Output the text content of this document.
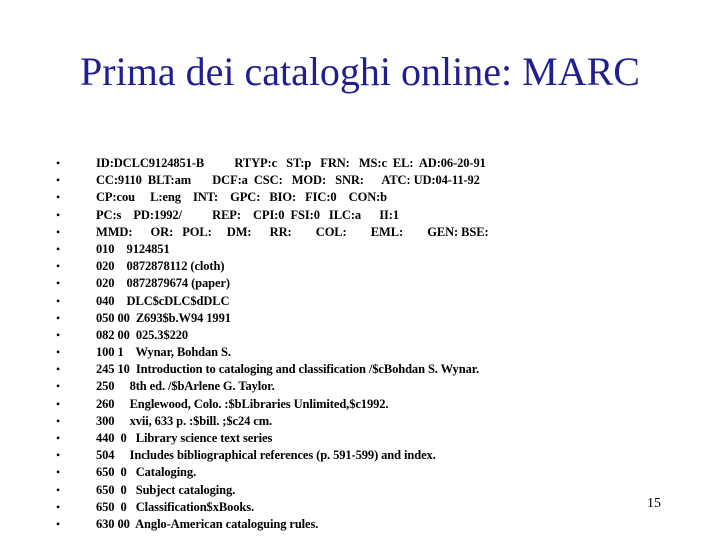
Prima dei cataloghi online: MARC
•	ID:DCLC9124851-B          RTYP:c   ST:p   FRN:   MS:c  EL:  AD:06-20-91
•	CC:9110  BLT:am       DCF:a  CSC:   MOD:   SNR:      ATC: UD:04-11-92
•	CP:cou     L:eng    INT:    GPC:   BIO:   FIC:0    CON:b
•	PC:s    PD:1992/          REP:    CPI:0  FSI:0   ILC:a      II:1
•	MMD:      OR:   POL:     DM:      RR:        COL:        EML:        GEN: BSE:
•	010    9124851
•	020    0872878112 (cloth)
•	020    0872879674 (paper)
•	040    DLC$cDLC$dDLC
•	050 00  Z693$b.W94 1991
•	082 00  025.3$220
•	100 1    Wynar, Bohdan S.
•	245 10  Introduction to cataloging and classification /$cBohdan S. Wynar.
•	250     8th ed. /$bArlene G. Taylor.
•	260     Englewood, Colo. :$bLibraries Unlimited,$c1992.
•	300     xvii, 633 p. :$bill. ;$c24 cm.
•	440  0   Library science text series
•	504     Includes bibliographical references (p. 591-599) and index.
•	650  0   Cataloging.
•	650  0   Subject cataloging.
•	650  0   Classification$xBooks.
•	630 00  Anglo-American cataloguing rules.
15
